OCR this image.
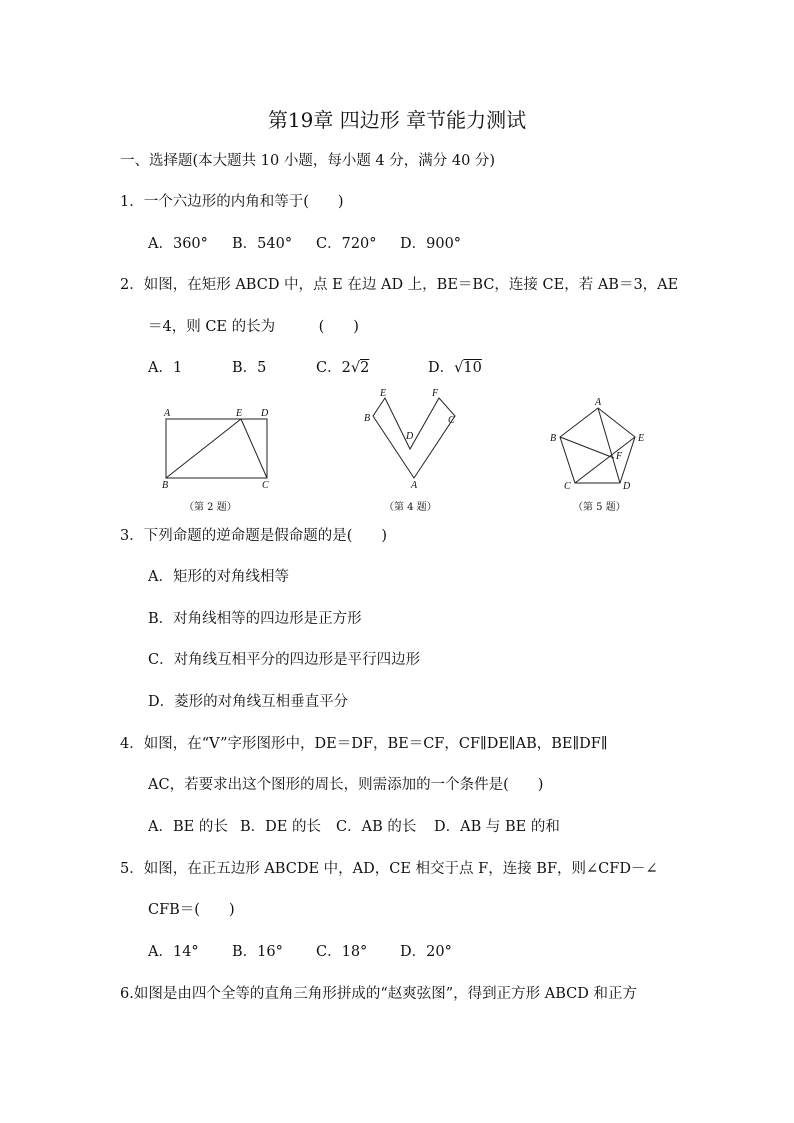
第19章 四边形 章节能力测试
一、选择题(本大题共 10 小题，每小题 4 分，满分 40 分)
1．一个六边形的内角和等于(　　)
A．360° B．540° C．720° D．900°
2．如图，在矩形 ABCD 中，点 E 在边 AD 上，BE＝BC，连接 CE，若 AB＝3，AE
＝4，则 CE 的长为　　　(　　)
A．1	B．5	C．2√2	D．√10
A	E D
B	C
（第 2 题）
E	F
B	C
D
A
（第 4 题）
A
B	E
F
C	D
（第 5 题）
3．下列命题的逆命题是假命题的是(　　)
A．矩形的对角线相等
B．对角线相等的四边形是正方形
C．对角线互相平分的四边形是平行四边形
D．菱形的对角线互相垂直平分
4．如图，在“V”字形图形中，DE＝DF，BE＝CF，CF∥DE∥AB，BE∥DF∥
AC，若要求出这个图形的周长，则需添加的一个条件是(　　)
A．BE 的长 B．DE 的长 C．AB 的长 D．AB 与 BE 的和
5．如图，在正五边形 ABCDE 中，AD，CE 相交于点 F，连接 BF，则∠CFD－∠
CFB＝(　　)
A．14° B．16° C．18° D．20°
6.如图是由四个全等的直角三角形拼成的“赵爽弦图”，得到正方形 ABCD 和正方
